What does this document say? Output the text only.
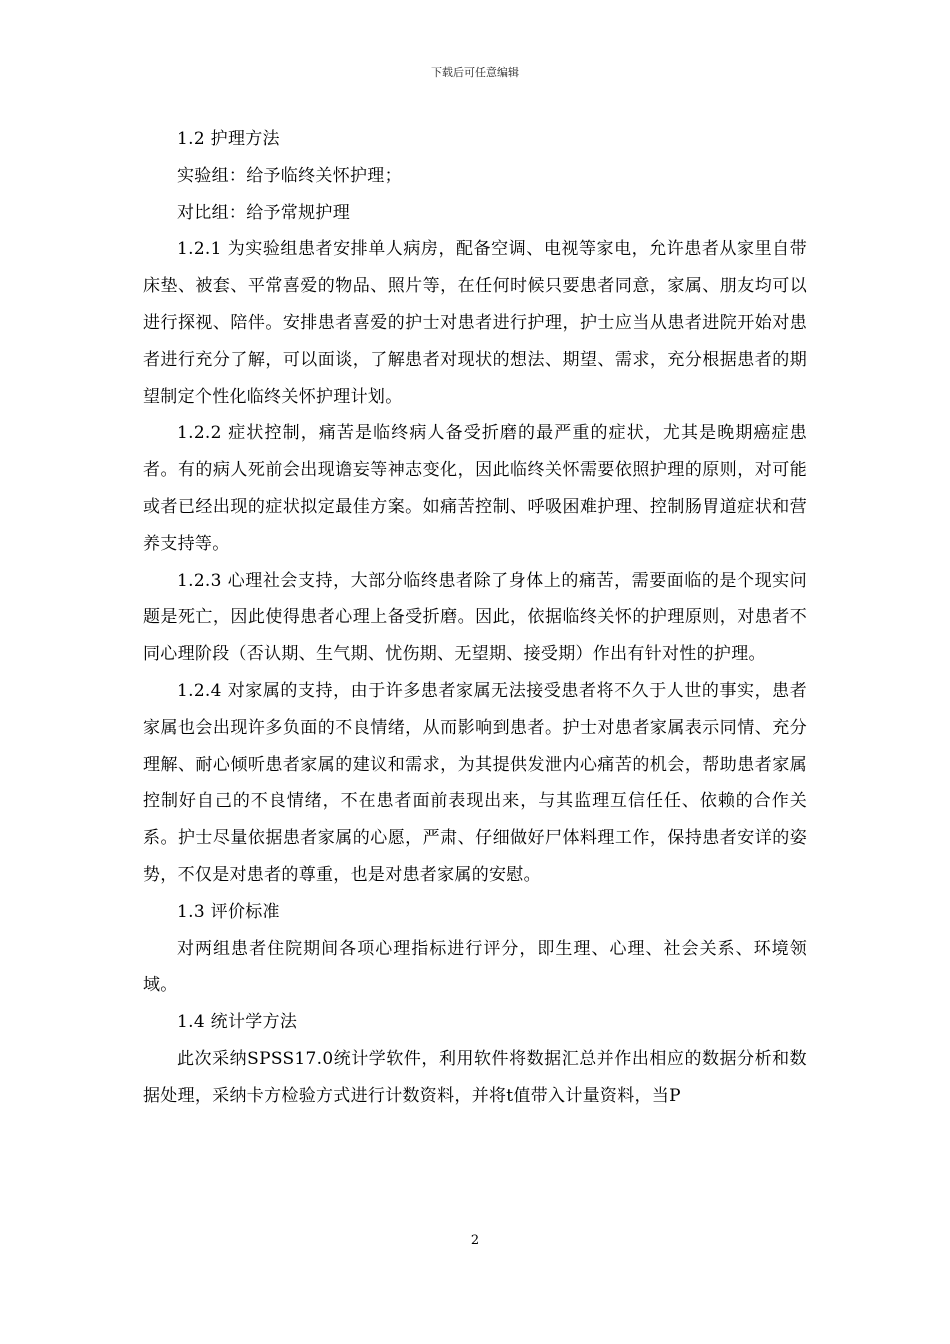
下载后可任意编辑

1.2 护理方法

实验组：给予临终关怀护理；

对比组：给予常规护理

1.2.1 为实验组患者安排单人病房，配备空调、电视等家电，允许患者从家里自带床垫、被套、平常喜爱的物品、照片等，在任何时候只要患者同意，家属、朋友均可以进行探视、陪伴。安排患者喜爱的护士对患者进行护理，护士应当从患者进院开始对患者进行充分了解，可以面谈，了解患者对现状的想法、期望、需求，充分根据患者的期望制定个性化临终关怀护理计划。

1.2.2 症状控制，痛苦是临终病人备受折磨的最严重的症状，尤其是晚期癌症患者。有的病人死前会出现谵妄等神志变化，因此临终关怀需要依照护理的原则，对可能或者已经出现的症状拟定最佳方案。如痛苦控制、呼吸困难护理、控制肠胃道症状和营养支持等。

1.2.3 心理社会支持，大部分临终患者除了身体上的痛苦，需要面临的是个现实问题是死亡，因此使得患者心理上备受折磨。因此，依据临终关怀的护理原则，对患者不同心理阶段（否认期、生气期、忧伤期、无望期、接受期）作出有针对性的护理。

1.2.4 对家属的支持，由于许多患者家属无法接受患者将不久于人世的事实，患者家属也会出现许多负面的不良情绪，从而影响到患者。护士对患者家属表示同情、充分理解、耐心倾听患者家属的建议和需求，为其提供发泄内心痛苦的机会，帮助患者家属控制好自己的不良情绪，不在患者面前表现出来，与其监理互信任任、依赖的合作关系。护士尽量依据患者家属的心愿，严肃、仔细做好尸体料理工作，保持患者安详的姿势，不仅是对患者的尊重，也是对患者家属的安慰。

1.3 评价标准

对两组患者住院期间各项心理指标进行评分，即生理、心理、社会关系、环境领域。

1.4 统计学方法

此次采纳SPSS17.0统计学软件，利用软件将数据汇总并作出相应的数据分析和数据处理，采纳卡方检验方式进行计数资料，并将t值带入计量资料，当P

2
